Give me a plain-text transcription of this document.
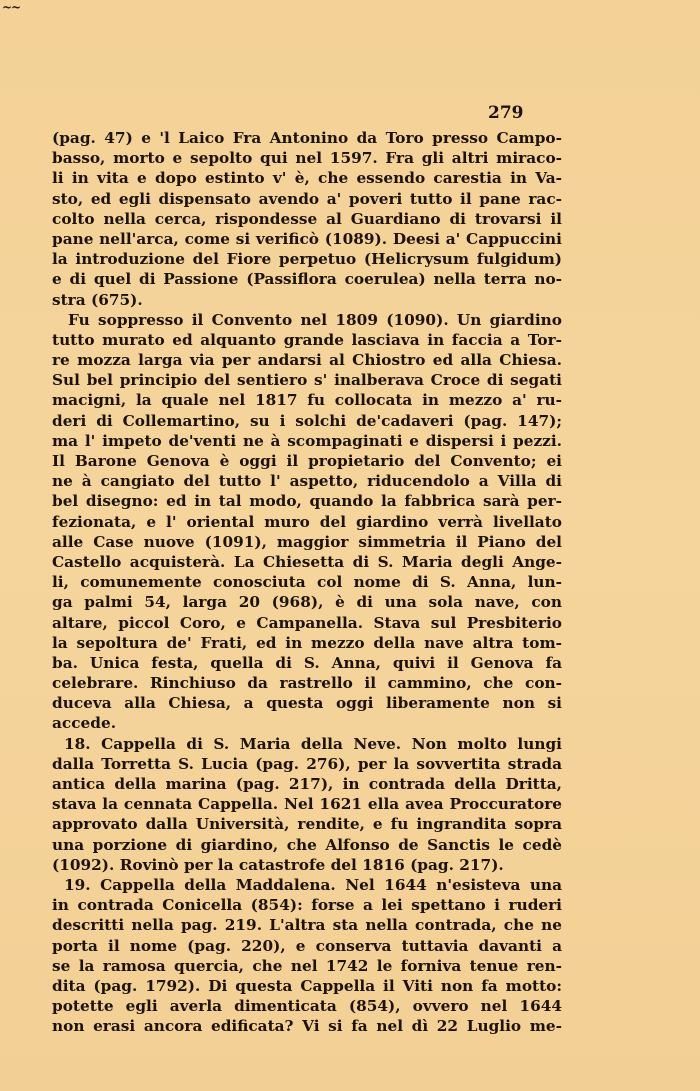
~~
279
(pag. 47) e 'l Laico Fra Antonino da Toro presso Campo-
basso, morto e sepolto qui nel 1597. Fra gli altri miraco-
li in vita e dopo estinto v' è, che essendo carestia in Va-
sto, ed egli dispensato avendo a' poveri tutto il pane rac-
colto nella cerca, rispondesse al Guardiano di trovarsi il
pane nell'arca, come si verificò (1089). Deesi a' Cappuccini
la introduzione del Fiore perpetuo (Helicrysum fulgidum)
e di quel di Passione (Passiflora coerulea) nella terra no-
stra (675).
Fu soppresso il Convento nel 1809 (1090). Un giardino
tutto murato ed alquanto grande lasciava in faccia a Tor-
re mozza larga via per andarsi al Chiostro ed alla Chiesa.
Sul bel principio del sentiero s' inalberava Croce di segati
macigni, la quale nel 1817 fu collocata in mezzo a' ru-
deri di Collemartino, su i solchi de'cadaveri (pag. 147);
ma l' impeto de'venti ne à scompaginati e dispersi i pezzi.
Il Barone Genova è oggi il propietario del Convento; ei
ne à cangiato del tutto l' aspetto, riducendolo a Villa di
bel disegno: ed in tal modo, quando la fabbrica sarà per-
fezionata, e l' oriental muro del giardino verrà livellato
alle Case nuove (1091), maggior simmetria il Piano del
Castello acquisterà. La Chiesetta di S. Maria degli Ange-
li, comunemente conosciuta col nome di S. Anna, lun-
ga palmi 54, larga 20 (968), è di una sola nave, con
altare, piccol Coro, e Campanella. Stava sul Presbiterio
la sepoltura de' Frati, ed in mezzo della nave altra tom-
ba. Unica festa, quella di S. Anna, quivi il Genova fa
celebrare. Rinchiuso da rastrello il cammino, che con-
duceva alla Chiesa, a questa oggi liberamente non si
accede.
18. Cappella di S. Maria della Neve. Non molto lungi
dalla Torretta S. Lucia (pag. 276), per la sovvertita strada
antica della marina (pag. 217), in contrada della Dritta,
stava la cennata Cappella. Nel 1621 ella avea Proccuratore
approvato dalla Università, rendite, e fu ingrandita sopra
una porzione di giardino, che Alfonso de Sanctis le cedè
(1092). Rovinò per la catastrofe del 1816 (pag. 217).
19. Cappella della Maddalena. Nel 1644 n'esisteva una
in contrada Conicella (854): forse a lei spettano i ruderi
descritti nella pag. 219. L'altra sta nella contrada, che ne
porta il nome (pag. 220), e conserva tuttavia davanti a
se la ramosa quercia, che nel 1742 le forniva tenue ren-
dita (pag. 1792). Di questa Cappella il Viti non fa motto:
potette egli averla dimenticata (854), ovvero nel 1644
non erasi ancora edificata? Vi si fa nel dì 22 Luglio me-
